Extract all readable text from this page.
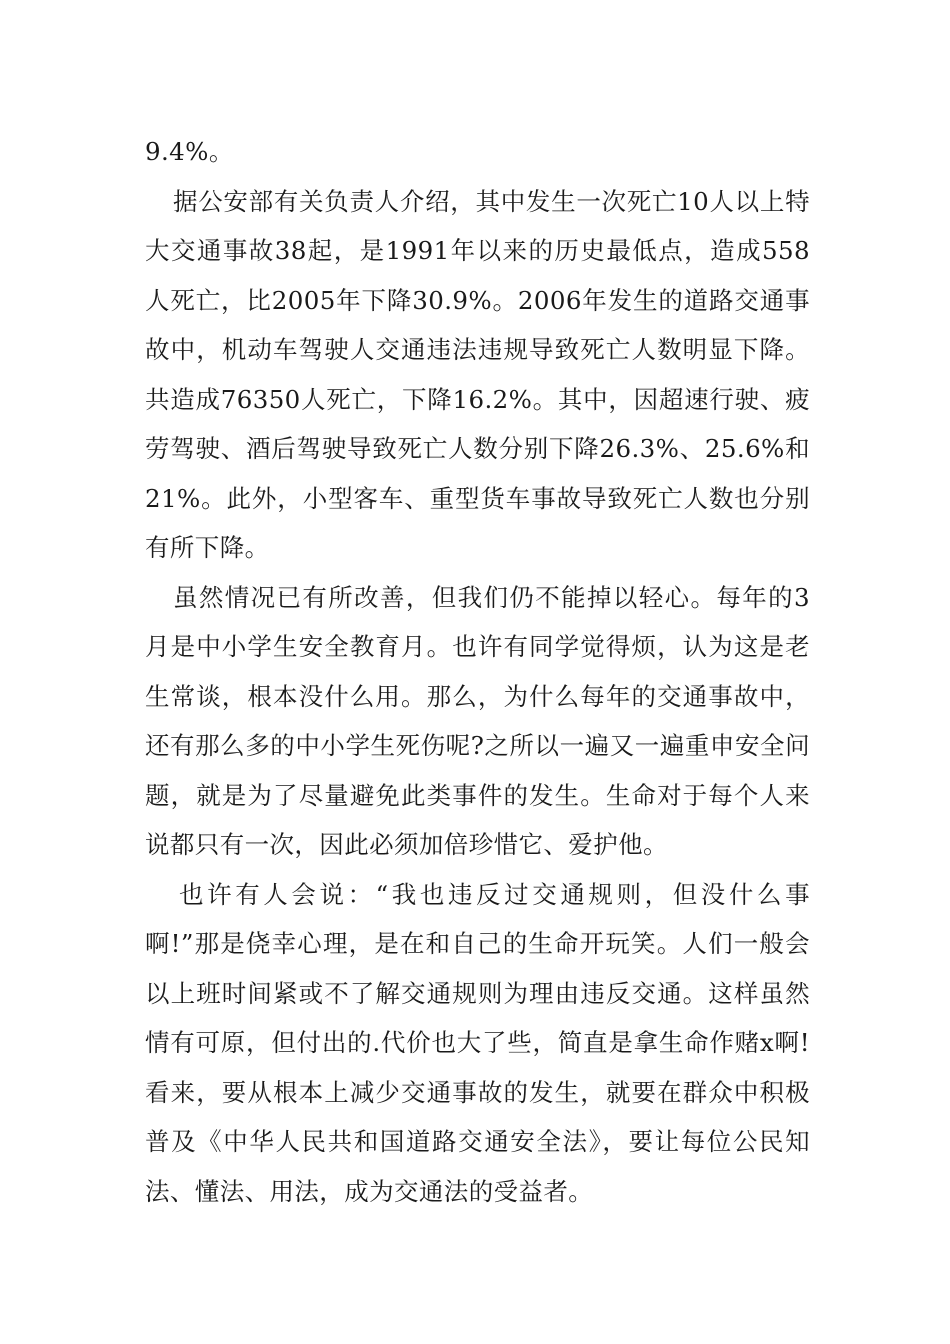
9.4%。

据公安部有关负责人介绍，其中发生一次死亡10人以上特大交通事故38起，是1991年以来的历史最低点，造成558人死亡，比2005年下降30.9%。2006年发生的道路交通事故中，机动车驾驶人交通违法违规导致死亡人数明显下降。共造成76350人死亡，下降16.2%。其中，因超速行驶、疲劳驾驶、酒后驾驶导致死亡人数分别下降26.3%、25.6%和21%。此外，小型客车、重型货车事故导致死亡人数也分别有所下降。

虽然情况已有所改善，但我们仍不能掉以轻心。每年的3月是中小学生安全教育月。也许有同学觉得烦，认为这是老生常谈，根本没什么用。那么，为什么每年的交通事故中，还有那么多的中小学生死伤呢?之所以一遍又一遍重申安全问题，就是为了尽量避免此类事件的发生。生命对于每个人来说都只有一次，因此必须加倍珍惜它、爱护他。

也许有人会说：“我也违反过交通规则，但没什么事啊!”那是侥幸心理，是在和自己的生命开玩笑。人们一般会以上班时间紧或不了解交通规则为理由违反交通。这样虽然情有可原，但付出的.代价也大了些，简直是拿生命作赌x啊!看来，要从根本上减少交通事故的发生，就要在群众中积极普及《中华人民共和国道路交通安全法》，要让每位公民知法、懂法、用法，成为交通法的受益者。
